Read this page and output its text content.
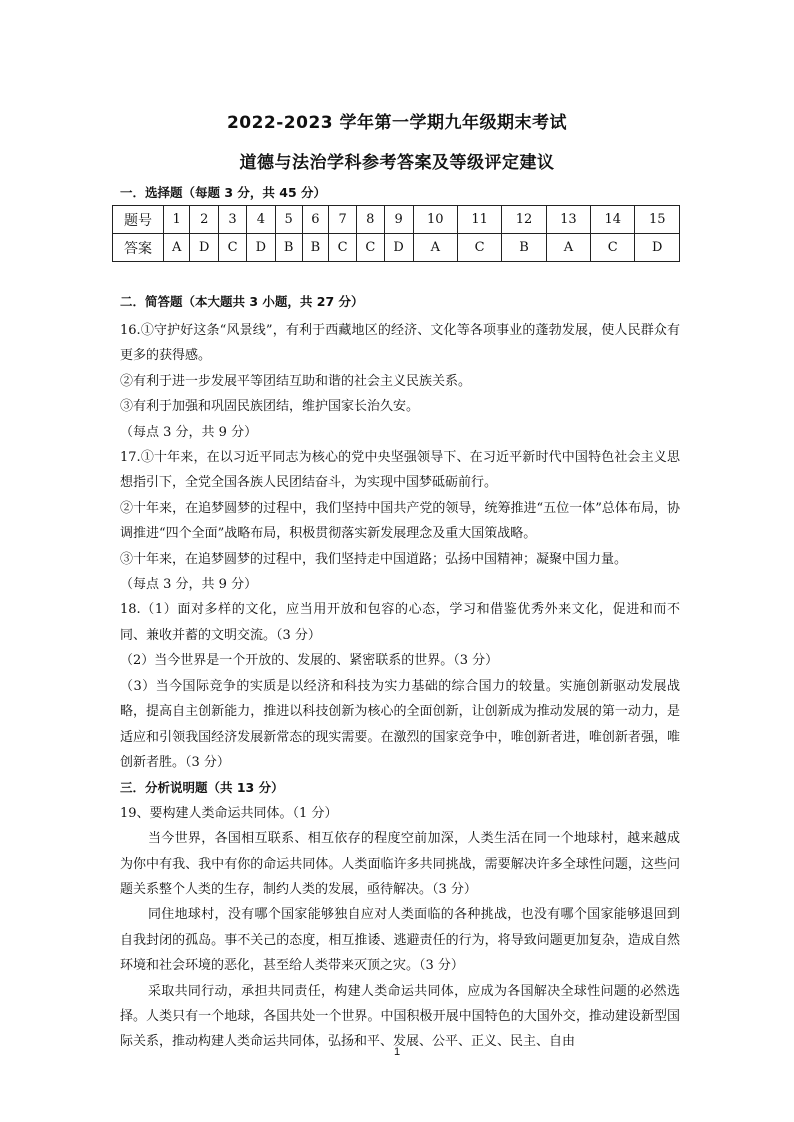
2022-2023 学年第一学期九年级期末考试
道德与法治学科参考答案及等级评定建议
一．选择题（每题 3 分，共 45 分）
题号	1	2	3	4	5	6	7	8	9	10	11	12	13	14	15
答案	A	D	C	D	B	B	C	C	D	A	C	B	A	C	D
二．简答题（本大题共 3 小题，共 27 分）

16.①守护好这条“风景线”，有利于西藏地区的经济、文化等各项事业的蓬勃发展，使人民群众有更多的获得感。

②有利于进一步发展平等团结互助和谐的社会主义民族关系。

③有利于加强和巩固民族团结，维护国家长治久安。

（每点 3 分，共 9 分）

17.①十年来，在以习近平同志为核心的党中央坚强领导下、在习近平新时代中国特色社会主义思想指引下，全党全国各族人民团结奋斗，为实现中国梦砥砺前行。

②十年来，在追梦圆梦的过程中，我们坚持中国共产党的领导，统筹推进“五位一体”总体布局，协调推进“四个全面”战略布局，积极贯彻落实新发展理念及重大国策战略。

③十年来，在追梦圆梦的过程中，我们坚持走中国道路；弘扬中国精神；凝聚中国力量。

（每点 3 分，共 9 分）

18.（1）面对多样的文化，应当用开放和包容的心态，学习和借鉴优秀外来文化，促进和而不同、兼收并蓄的文明交流。（3 分）

（2）当今世界是一个开放的、发展的、紧密联系的世界。（3 分）

（3）当今国际竞争的实质是以经济和科技为实力基础的综合国力的较量。实施创新驱动发展战略，提高自主创新能力，推进以科技创新为核心的全面创新，让创新成为推动发展的第一动力，是适应和引领我国经济发展新常态的现实需要。在激烈的国家竞争中，唯创新者进，唯创新者强，唯创新者胜。（3 分）

三．分析说明题（共 13 分）

19、要构建人类命运共同体。（1 分）

当今世界，各国相互联系、相互依存的程度空前加深，人类生活在同一个地球村，越来越成为你中有我、我中有你的命运共同体。人类面临许多共同挑战，需要解决许多全球性问题，这些问题关系整个人类的生存，制约人类的发展，亟待解决。（3 分）

同住地球村，没有哪个国家能够独自应对人类面临的各种挑战，也没有哪个国家能够退回到自我封闭的孤岛。事不关己的态度，相互推诿、逃避责任的行为，将导致问题更加复杂，造成自然环境和社会环境的恶化，甚至给人类带来灭顶之灾。（3 分）

采取共同行动，承担共同责任，构建人类命运共同体，应成为各国解决全球性问题的必然选择。人类只有一个地球，各国共处一个世界。中国积极开展中国特色的大国外交，推动建设新型国际关系，推动构建人类命运共同体，弘扬和平、发展、公平、正义、民主、自由

1
